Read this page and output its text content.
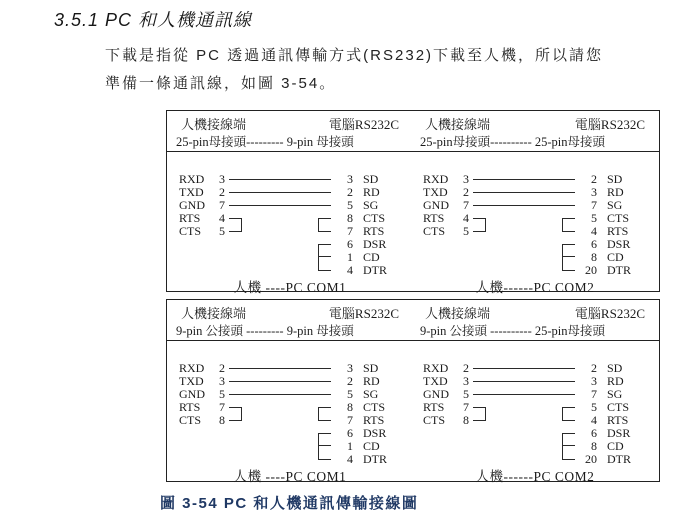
3.5.1 PC 和人機通訊線
下載是指從 PC 透過通訊傳輸方式(RS232)下載至人機，所以請您
準備一條通訊線，如圖 3-54。
人機接線端	電腦RS232C
25-pin母接頭--------- 9-pin 母接頭
RXD	3
TXD	2
GND	7
RTS	4
CTS	5
3 SD
2 RD
5 SG
8 CTS
7 RTS
6 DSR
1 CD
4 DTR
人機 ----PC COM1
人機接線端	電腦RS232C
25-pin母接頭---------- 25-pin母接頭
RXD	3
TXD	2
GND	7
RTS	4
CTS	5
2 SD
3 RD
7 SG
5 CTS
4 RTS
6 DSR
8 CD
20 DTR
人機------PC COM2
人機接線端	電腦RS232C
9-pin 公接頭 --------- 9-pin 母接頭
RXD	2
TXD	3
GND	5
RTS	7
CTS	8
3 SD
2 RD
5 SG
8 CTS
7 RTS
6 DSR
1 CD
4 DTR
人機 ----PC COM1
人機接線端	電腦RS232C
9-pin 公接頭 ---------- 25-pin母接頭
RXD	2
TXD	3
GND	5
RTS	7
CTS	8
2 SD
3 RD
7 SG
5 CTS
4 RTS
6 DSR
8 CD
20 DTR
人機------PC COM2
圖 3-54 PC 和人機通訊傳輸接線圖
